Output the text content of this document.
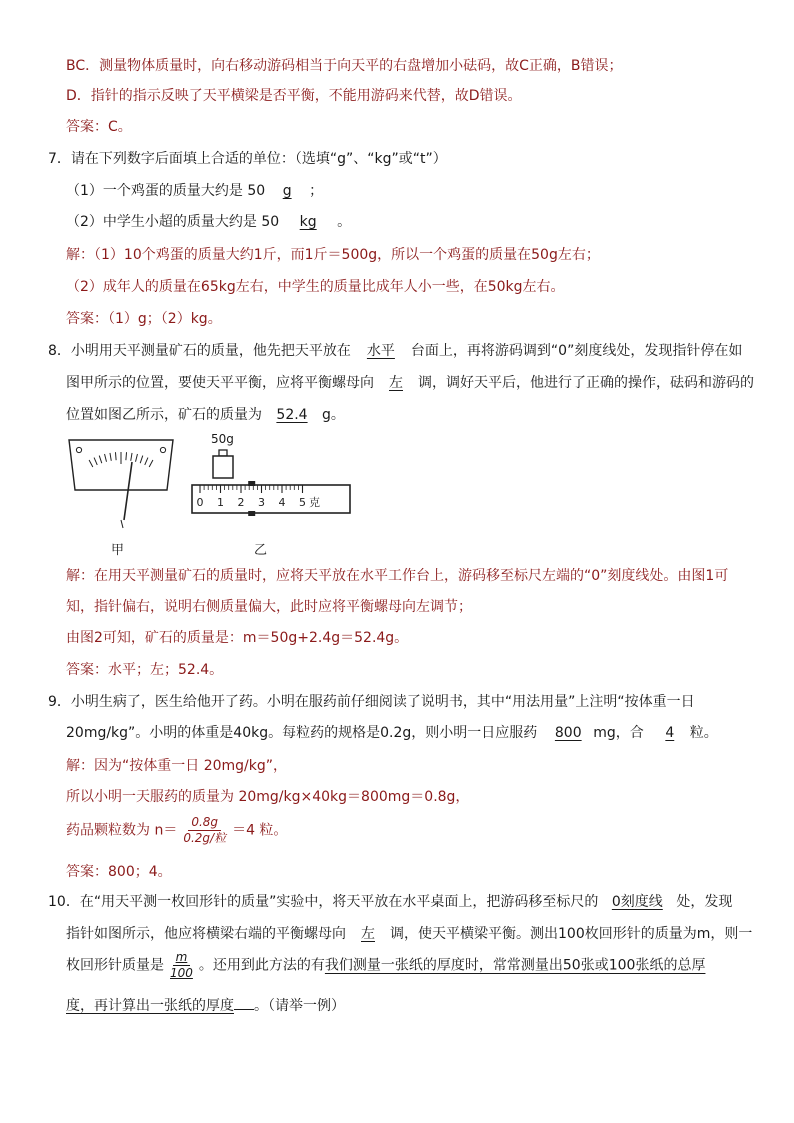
BC．测量物体质量时，向右移动游码相当于向天平的右盘增加小砝码，故C正确，B错误；
D．指针的指示反映了天平横梁是否平衡，不能用游码来代替，故D错误。
答案：C。
7．请在下列数字后面填上合适的单位：（选填“g”、“kg”或“t”）
（1）一个鸡蛋的质量大约是 50 g ；
（2）中学生小超的质量大约是 50 kg 。
解：（1）10个鸡蛋的质量大约1斤，而1斤＝500g，所以一个鸡蛋的质量在50g左右；
（2）成年人的质量在65kg左右，中学生的质量比成年人小一些，在50kg左右。
答案：（1）g；（2）kg。
8．小明用天平测量矿石的质量，他先把天平放在 水平 台面上，再将游码调到“0”刻度线处，发现指针停在如
图甲所示的位置，要使天平平衡，应将平衡螺母向 左 调，调好天平后，他进行了正确的操作，砝码和游码的
位置如图乙所示，矿石的质量为 52.4 g。
甲
50g
0 1 2 3 4 5 克
乙
解：在用天平测量矿石的质量时，应将天平放在水平工作台上，游码移至标尺左端的“0”刻度线处。由图1可
知，指针偏右，说明右侧质量偏大，此时应将平衡螺母向左调节；
由图2可知，矿石的质量是：m＝50g+2.4g＝52.4g。
答案：水平；左；52.4。
9．小明生病了，医生给他开了药。小明在服药前仔细阅读了说明书，其中“用法用量”上注明“按体重一日
20mg/kg”。小明的体重是40kg。每粒药的规格是0.2g，则小明一日应服药 800 mg，合 4 粒。
解：因为“按体重一日 20mg/kg”，
所以小明一天服药的质量为 20mg/kg×40kg＝800mg＝0.8g，
药品颗粒数为 $n= \frac{0.8g}{\text{0.2g/粒}} =4$ 粒。
答案：800；4。
10．在“用天平测一枚回形针的质量”实验中，将天平放在水平桌面上，把游码移至标尺的 0刻度线 处，发现
指针如图所示，他应将横梁右端的平衡螺母向 左 调，使天平横梁平衡。测出100枚回形针的质量为m，则一
枚回形针质量是 $\frac{m}{100}$ 。还用到此方法的有我们测量一张纸的厚度时，常常测量出50张或100张纸的总厚
度，再计算出一张纸的厚度 。（请举一例）
